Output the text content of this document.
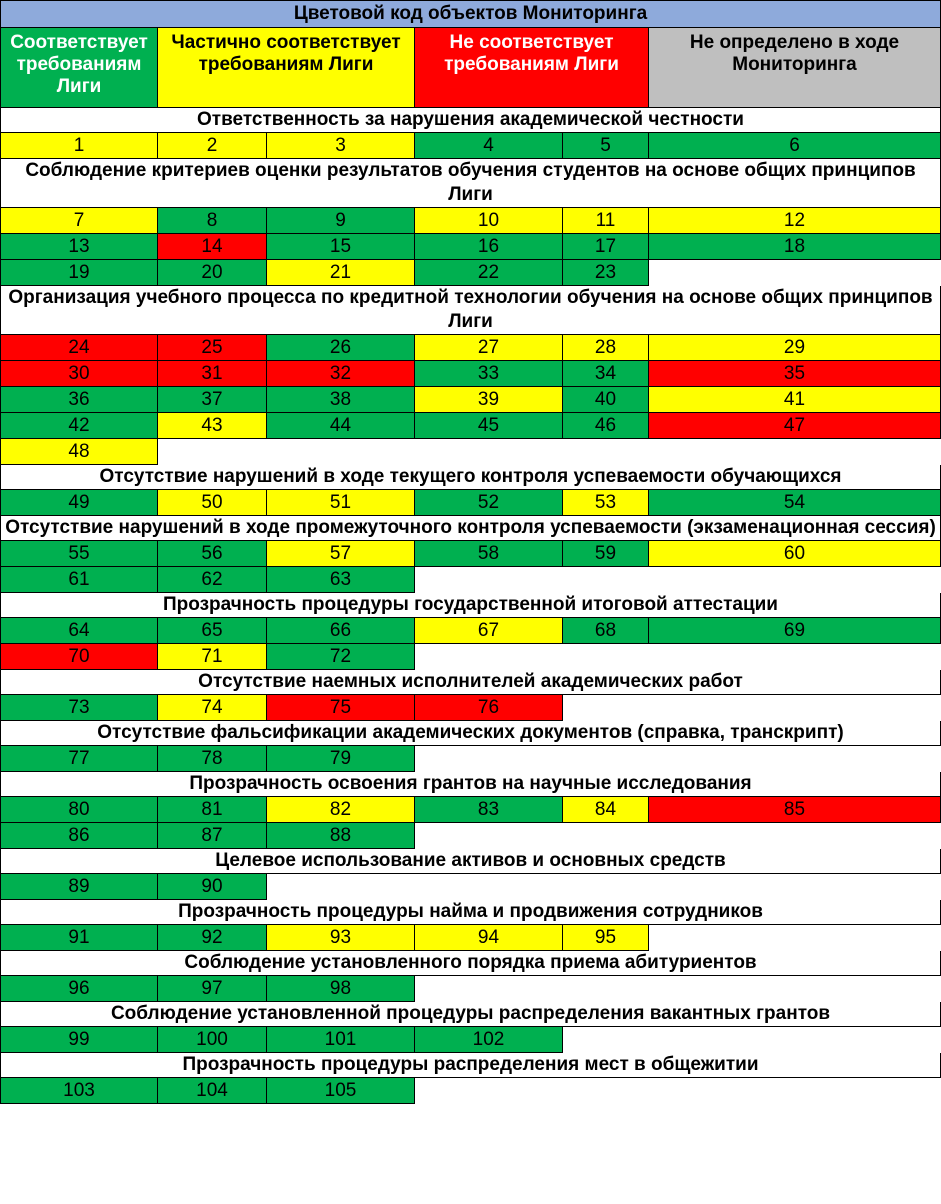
Цветовой код объектов Мониторинга					
Соответствует требованиям Лиги	Частично соответствует требованиям Лиги		Не соответствует требованиям Лиги		Не определено в ходе Мониторинга
Ответственность за нарушения академической честности					
1	2	3	4	5	6
Соблюдение критериев оценки результатов обучения студентов на основе общих принципов Лиги					
7	8	9	10	11	12
13	14	15	16	17	18
19	20	21	22	23	
Организация учебного процесса по кредитной технологии обучения на основе общих принципов Лиги					
24	25	26	27	28	29
30	31	32	33	34	35
36	37	38	39	40	41
42	43	44	45	46	47
48					
Отсутствие нарушений в ходе текущего контроля успеваемости обучающихся					
49	50	51	52	53	54
Отсутствие нарушений в ходе промежуточного контроля успеваемости (экзаменационная сессия)					
55	56	57	58	59	60
61	62	63			
Прозрачность процедуры государственной итоговой аттестации					
64	65	66	67	68	69
70	71	72			
Отсутствие наемных исполнителей академических работ					
73	74	75	76		
Отсутствие фальсификации академических документов (справка, транскрипт)					
77	78	79			
Прозрачность освоения грантов на научные исследования					
80	81	82	83	84	85
86	87	88			
Целевое использование активов и основных средств					
89	90				
Прозрачность процедуры найма и продвижения сотрудников					
91	92	93	94	95	
Соблюдение установленного порядка приема абитуриентов					
96	97	98			
Соблюдение установленной процедуры распределения вакантных грантов					
99	100	101	102		
Прозрачность процедуры распределения мест в общежитии					
103	104	105			
